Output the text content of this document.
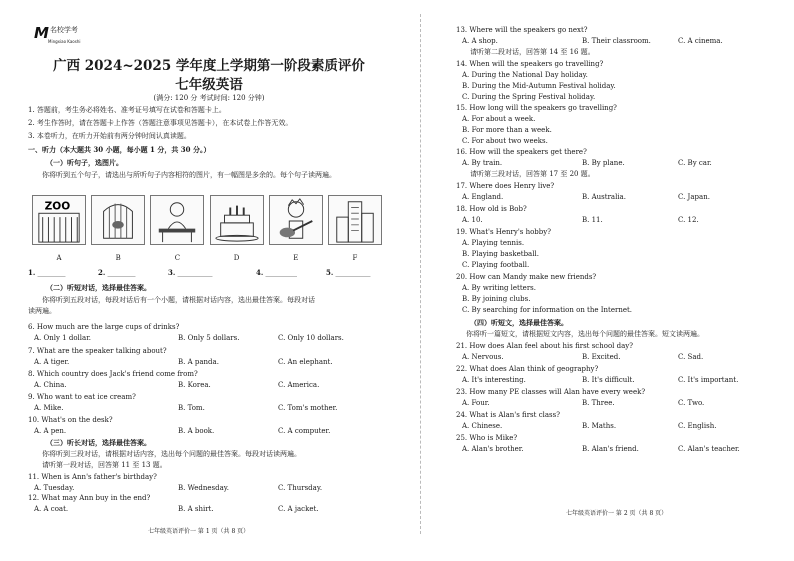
M 名校学考
Mingxiao Kaoshi
广西 2024~2025 学年度上学期第一阶段素质评价
七年级英语
(满分: 120 分 考试时间: 120 分钟)
1. 答题前，考生务必将姓名、准考证号填写在试卷和答题卡上。
2. 考生作答时，请在答题卡上作答（答题注意事项见答题卡），在本试卷上作答无效。
3. 本卷听力，在听力开始前有两分钟时间认真读题。
一、听力（本大题共 30 小题，每小题 1 分，共 30 分。）
（一）听句子，选图片。
你将听到五个句子，请选出与所听句子内容相符的图片，有一幅图是多余的。每个句子读两遍。
ZOO
A	B	C	D	E	F
1. ________	2. ________	3. __________	4. _________	5. __________
（二）听短对话，选择最佳答案。
你将听到五段对话，每段对话后有一个小题，请根据对话内容，选出最佳答案。每段对话
读两遍。
6. How much are the large cups of drinks?
A. Only 1 dollar.	B. Only 5 dollars.	C. Only 10 dollars.
7. What are the speaker talking about?
A. A tiger.	B. A panda.	C. An elephant.
8. Which country does Jack's friend come from?
A. China.	B. Korea.	C. America.
9. Who want to eat ice cream?
A. Mike.	B. Tom.	C. Tom's mother.
10. What's on the desk?
A. A pen.	B. A book.	C. A computer.
（三）听长对话，选择最佳答案。
你将听到三段对话，请根据对话内容，选出每个问题的最佳答案。每段对话读两遍。
请听第一段对话，回答第 11 至 13 题。
11. When is Ann's father's birthday?
A. Tuesday.	B. Wednesday.	C. Thursday.
12. What may Ann buy in the end?
A. A coat.	B. A shirt.	C. A jacket.
七年级英语评价一 第 1 页（共 8 页）
13. Where will the speakers go next?
A. A shop.	B. Their classroom.	C. A cinema.
请听第二段对话，回答第 14 至 16 题。
14. When will the speakers go travelling?
A. During the National Day holiday.
B. During the Mid-Autumn Festival holiday.
C. During the Spring Festival holiday.
15. How long will the speakers go travelling?
A. For about a week.
B. For more than a week.
C. For about two weeks.
16. How will the speakers get there?
A. By train.	B. By plane.	C. By car.
请听第三段对话，回答第 17 至 20 题。
17. Where does Henry live?
A. England.	B. Australia.	C. Japan.
18. How old is Bob?
A. 10.	B. 11.	C. 12.
19. What's Henry's hobby?
A. Playing tennis.
B. Playing basketball.
C. Playing football.
20. How can Mandy make new friends?
A. By writing letters.
B. By joining clubs.
C. By searching for information on the Internet.
（四）听短文，选择最佳答案。
你将听一篇短文，请根据短文内容，选出每个问题的最佳答案。短文读两遍。
21. How does Alan feel about his first school day?
A. Nervous.	B. Excited.	C. Sad.
22. What does Alan think of geography?
A. It's interesting.	B. It's difficult.	C. It's important.
23. How many PE classes will Alan have every week?
A. Four.	B. Three.	C. Two.
24. What is Alan's first class?
A. Chinese.	B. Maths.	C. English.
25. Who is Mike?
A. Alan's brother.	B. Alan's friend.	C. Alan's teacher.
七年级英语评价一 第 2 页（共 8 页）
